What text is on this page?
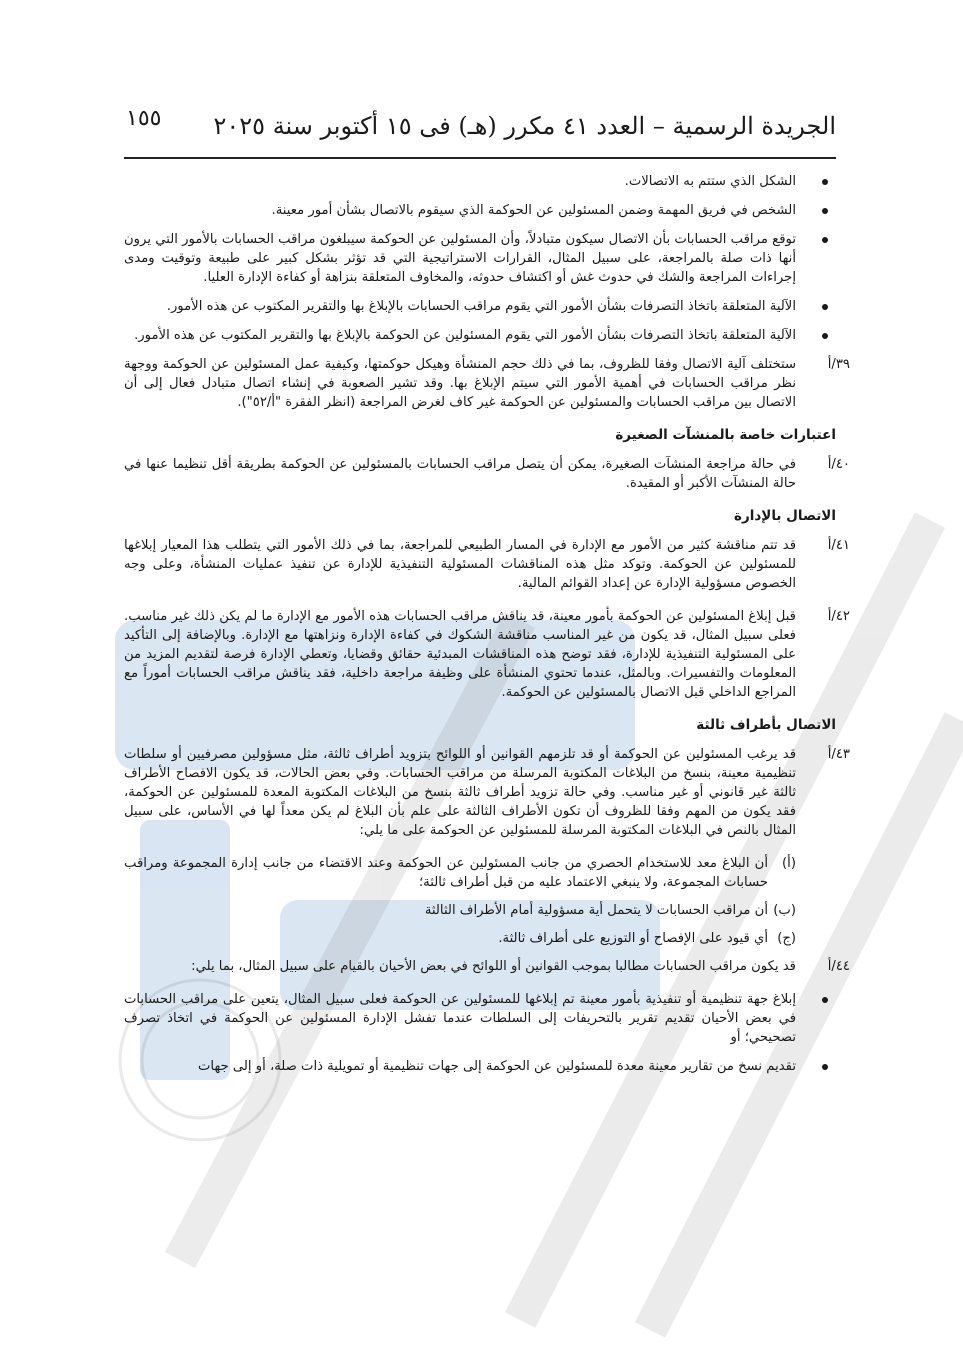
١٥٥ الجريدة الرسمية – العدد ٤١ مكرر (هـ) فى ١٥ أكتوبر سنة ٢٠٢٥
الشكل الذي ستتم به الاتصالات.
الشخص في فريق المهمة وضمن المسئولين عن الحوكمة الذي سيقوم بالاتصال بشأن أمور معينة.
توقع مراقب الحسابات بأن الاتصال سيكون متبادلاً، وأن المسئولين عن الحوكمة سيبلغون مراقب الحسابات بالأمور التي يرون أنها ذات صلة بالمراجعة، على سبيل المثال، القرارات الاستراتيجية التي قد تؤثر بشكل كبير على طبيعة وتوقيت ومدى إجراءات المراجعة والشك في حدوث غش أو اكتشاف حدوثه، والمخاوف المتعلقة بنزاهة أو كفاءة الإدارة العليا.
الآلية المتعلقة باتخاذ التصرفات بشأن الأمور التي يقوم مراقب الحسابات بالإبلاغ بها والتقرير المكتوب عن هذه الأمور.
الآلية المتعلقة باتخاذ التصرفات بشأن الأمور التي يقوم المسئولين عن الحوكمة بالإبلاغ بها والتقرير المكتوب عن هذه الأمور.
٣٩/أ
ستختلف آلية الاتصال وفقا للظروف، بما في ذلك حجم المنشأة وهيكل حوكمتها، وكيفية عمل المسئولين عن الحوكمة ووجهة نظر مراقب الحسابات في أهمية الأمور التي سيتم الإبلاغ بها. وقد تشير الصعوبة في إنشاء اتصال متبادل فعال إلى أن الاتصال بين مراقب الحسابات والمسئولين عن الحوكمة غير كاف لغرض المراجعة (انظر الفقرة "أ/٥٢").
اعتبارات خاصة بالمنشآت الصغيرة
٤٠/أ
في حالة مراجعة المنشآت الصغيرة، يمكن أن يتصل مراقب الحسابات بالمسئولين عن الحوكمة بطريقة أقل تنظيما عنها في حالة المنشآت الأكبر أو المقيدة.
الاتصال بالإدارة
٤١/أ
قد تتم مناقشة كثير من الأمور مع الإدارة في المسار الطبيعي للمراجعة، بما في ذلك الأمور التي يتطلب هذا المعيار إبلاغها للمسئولين عن الحوكمة. وتوكد مثل هذه المناقشات المسئولية التنفيذية للإدارة عن تنفيذ عمليات المنشأة، وعلى وجه الخصوص مسؤولية الإدارة عن إعداد القوائم المالية.
٤٢/أ
قبل إبلاغ المسئولين عن الحوكمة بأمور معينة، قد يناقش مراقب الحسابات هذه الأمور مع الإدارة ما لم يكن ذلك غير مناسب. فعلى سبيل المثال، قد يكون من غير المناسب مناقشة الشكوك في كفاءة الإدارة ونزاهتها مع الإدارة. وبالإضافة إلى التأكيد على المسئولية التنفيذية للإدارة، فقد توضح هذه المناقشات المبدئية حقائق وقضايا، وتعطي الإدارة فرصة لتقديم المزيد من المعلومات والتفسيرات. وبالمثل، عندما تحتوي المنشأة على وظيفة مراجعة داخلية، فقد يناقش مراقب الحسابات أموراً مع المراجع الداخلي قبل الاتصال بالمسئولين عن الحوكمة.
الاتصال بأطراف ثالثة
٤٣/أ
قد يرغب المسئولين عن الحوكمة أو قد تلزمهم القوانين أو اللوائح بتزويد أطراف ثالثة، مثل مسؤولين مصرفيين أو سلطات تنظيمية معينة، بنسخ من البلاغات المكتوبة المرسلة من مراقب الحسابات. وفي بعض الحالات، قد يكون الافصاح الأطراف ثالثة غير قانوني أو غير مناسب. وفي حالة تزويد أطراف ثالثة بنسخ من البلاغات المكتوبة المعدة للمسئولين عن الحوكمة، فقد يكون من المهم وفقا للظروف أن تكون الأطراف الثالثة على علم بأن البلاغ لم يكن معداً لها في الأساس، على سبيل المثال بالنص في البلاغات المكتوبة المرسلة للمسئولين عن الحوكمة على ما يلي:
(أ)
أن البلاغ معد للاستخدام الحصري من جانب المسئولين عن الحوكمة وعند الاقتضاء من جانب إدارة المجموعة ومراقب حسابات المجموعة، ولا ينبغي الاعتماد عليه من قبل أطراف ثالثة؛
(ب)
أن مراقب الحسابات لا يتحمل أية مسؤولية أمام الأطراف الثالثة
(ج)
أي قيود على الإفصاح أو التوزيع على أطراف ثالثة.
٤٤/أ
قد يكون مراقب الحسابات مطالبا بموجب القوانين أو اللوائح في بعض الأحيان بالقيام على سبيل المثال، بما يلي:
إبلاغ جهة تنظيمية أو تنفيذية بأمور معينة تم إبلاغها للمسئولين عن الحوكمة فعلى سبيل المثال، يتعين على مراقب الحسابات في بعض الأحيان تقديم تقرير بالتحريفات إلى السلطات عندما تفشل الإدارة المسئولين عن الحوكمة في اتخاذ تصرف تصحيحي؛ أو
تقديم نسخ من تقارير معينة معدة للمسئولين عن الحوكمة إلى جهات تنظيمية أو تمويلية ذات صلة، أو إلى جهات
